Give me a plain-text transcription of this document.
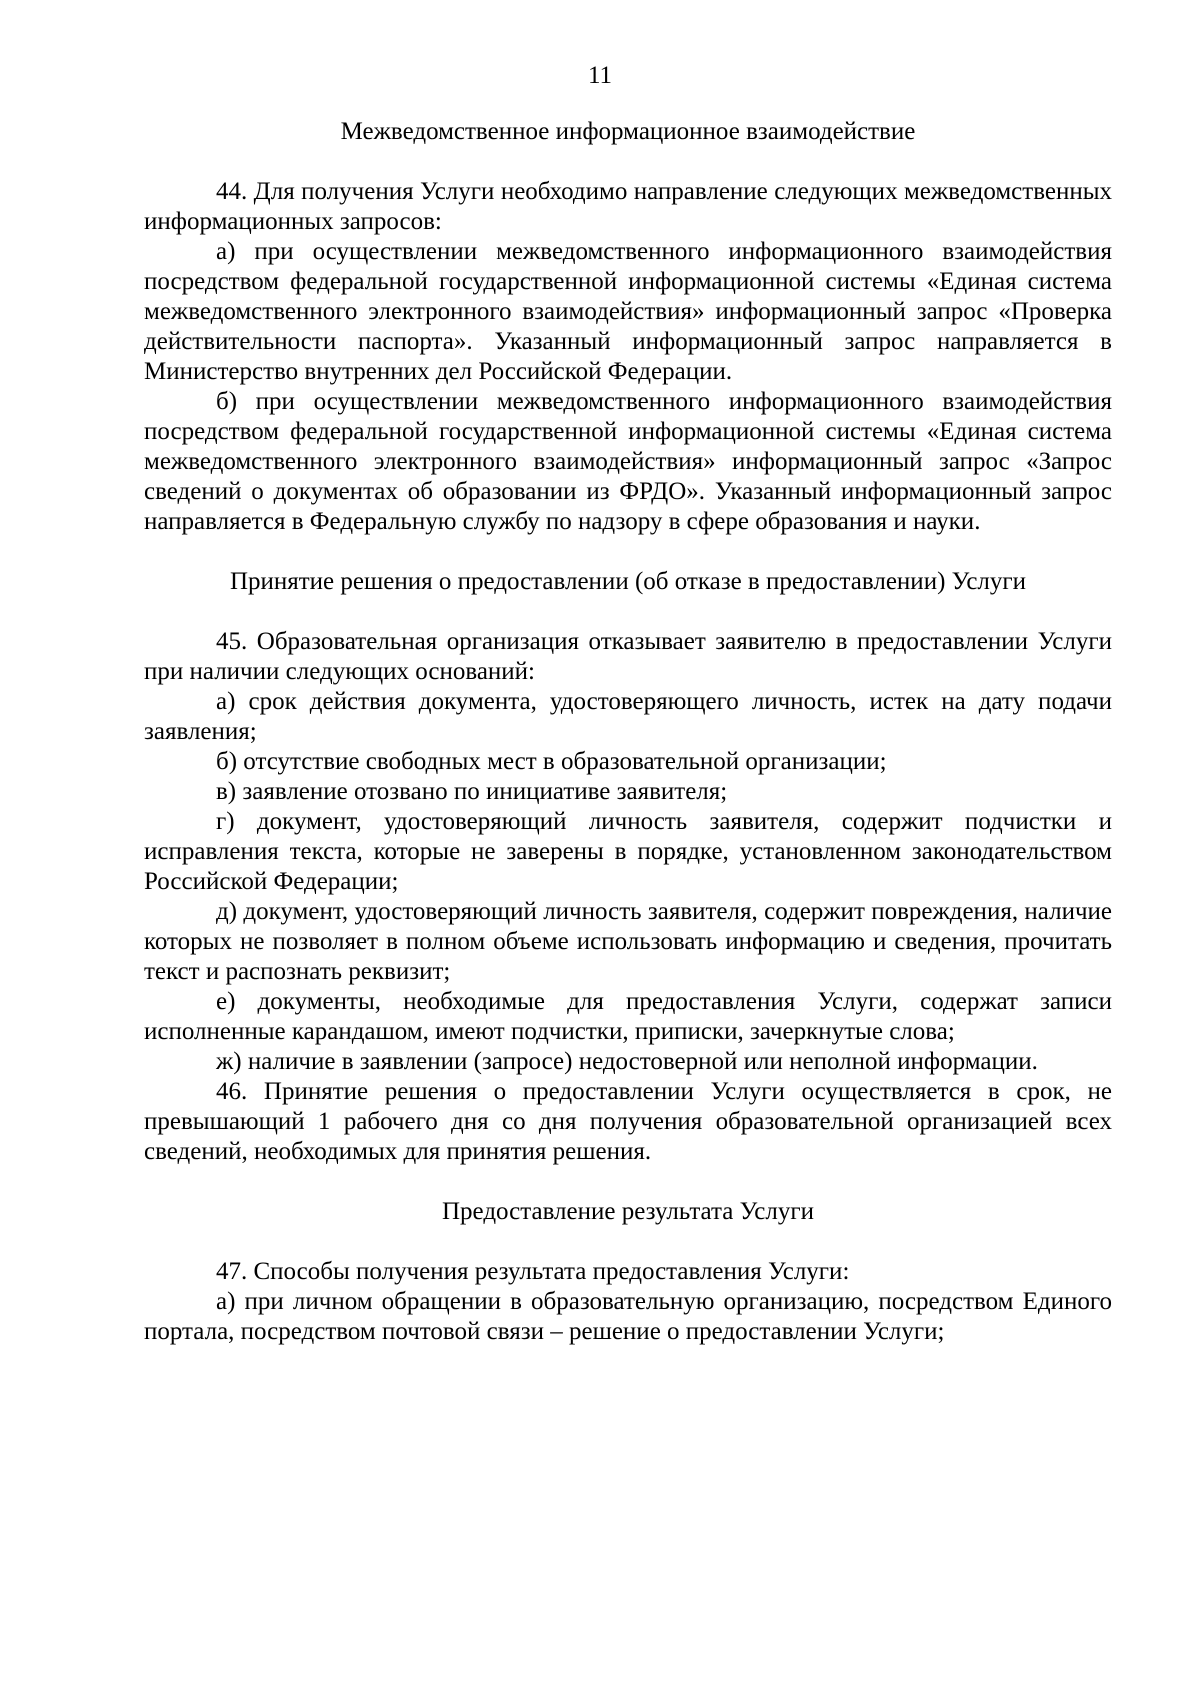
11

Межведомственное информационное взаимодействие

44. Для получения Услуги необходимо направление следующих межведомственных информационных запросов:

а) при осуществлении межведомственного информационного взаимодействия посредством федеральной государственной информационной системы «Единая система межведомственного электронного взаимодействия» информационный запрос «Проверка действительности паспорта». Указанный информационный запрос направляется в Министерство внутренних дел Российской Федерации.

б) при осуществлении межведомственного информационного взаимодействия посредством федеральной государственной информационной системы «Единая система межведомственного электронного взаимодействия» информационный запрос «Запрос сведений о документах об образовании из ФРДО». Указанный информационный запрос направляется в Федеральную службу по надзору в сфере образования и науки.

Принятие решения о предоставлении (об отказе в предоставлении) Услуги

45. Образовательная организация отказывает заявителю в предоставлении Услуги при наличии следующих оснований:

а) срок действия документа, удостоверяющего личность, истек на дату подачи заявления;

б) отсутствие свободных мест в образовательной организации;

в) заявление отозвано по инициативе заявителя;

г) документ, удостоверяющий личность заявителя, содержит подчистки и исправления текста, которые не заверены в порядке, установленном законодательством Российской Федерации;

д) документ, удостоверяющий личность заявителя, содержит повреждения, наличие которых не позволяет в полном объеме использовать информацию и сведения, прочитать текст и распознать реквизит;

е) документы, необходимые для предоставления Услуги, содержат записи исполненные карандашом, имеют подчистки, приписки, зачеркнутые слова;

ж) наличие в заявлении (запросе) недостоверной или неполной информации.

46. Принятие решения о предоставлении Услуги осуществляется в срок, не превышающий 1 рабочего дня со дня получения образовательной организацией всех сведений, необходимых для принятия решения.

Предоставление результата Услуги

47. Способы получения результата предоставления Услуги:

а) при личном обращении в образовательную организацию, посредством Единого портала, посредством почтовой связи – решение о предоставлении Услуги;
